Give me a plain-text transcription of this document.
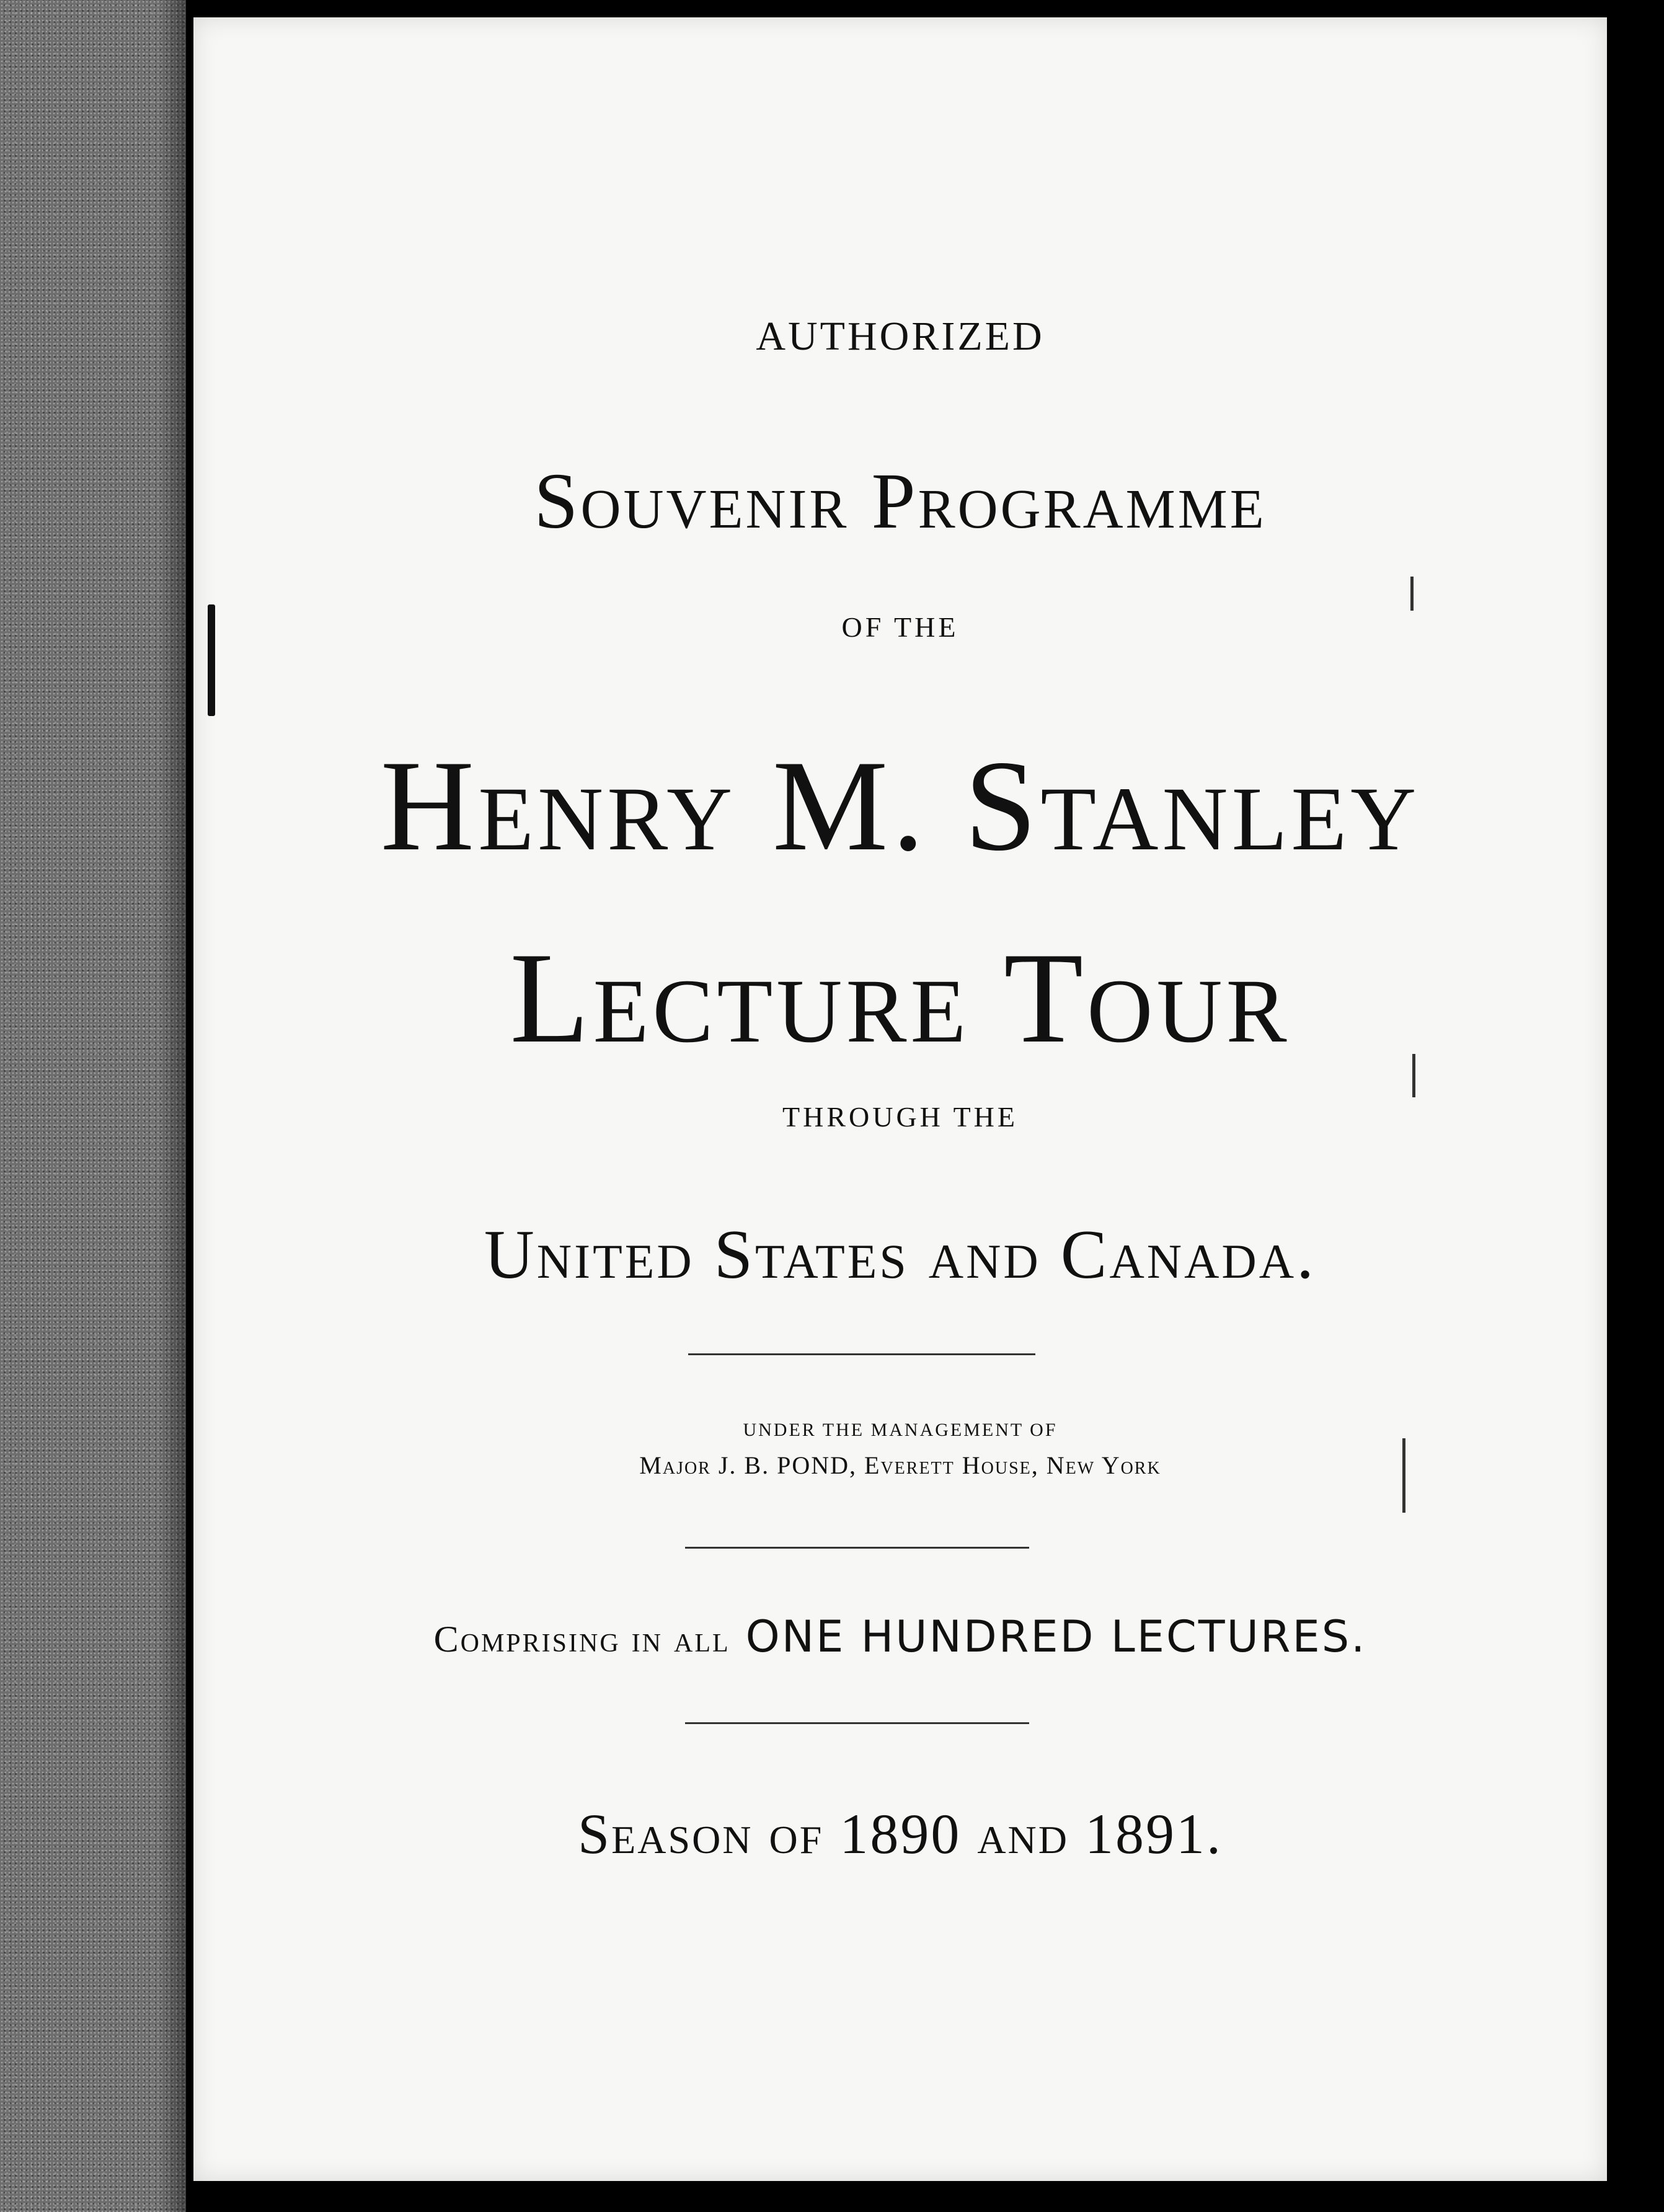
AUTHORIZED
Souvenir Programme
OF THE
Henry M. Stanley
Lecture Tour
THROUGH THE
United States and Canada.
UNDER THE MANAGEMENT OF
Major J. B. POND, Everett House, New York
Comprising in all ONE HUNDRED LECTURES.
Season of 1890 and 1891.
